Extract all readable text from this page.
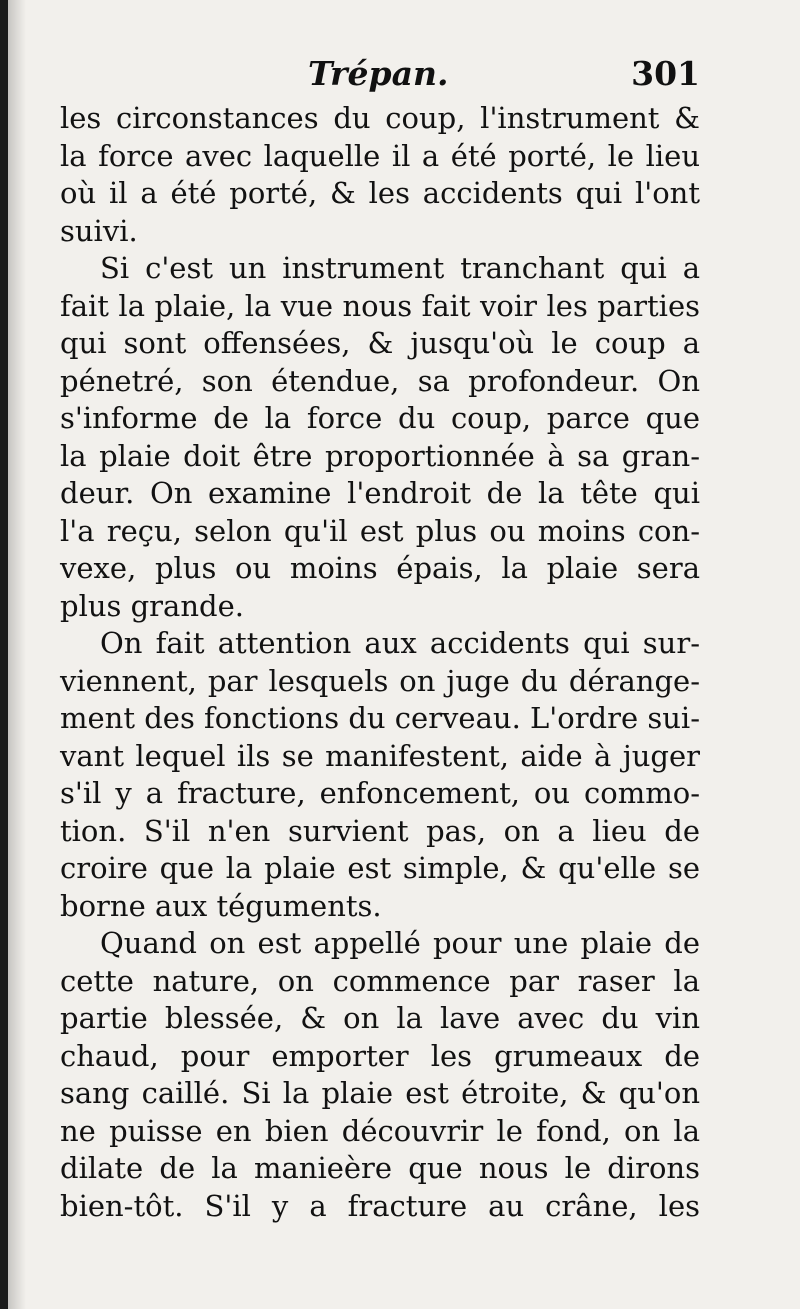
Trépan.	301
les circonstances du coup, l'instrument &
la force avec laquelle il a été porté, le lieu
où il a été porté, & les accidents qui l'ont
suivi.
Si c'est un instrument tranchant qui a
fait la plaie, la vue nous fait voir les parties
qui sont offensées, & jusqu'où le coup a
pénetré, son étendue, sa profondeur. On
s'informe de la force du coup, parce que
la plaie doit être proportionnée à sa gran-
deur. On examine l'endroit de la tête qui
l'a reçu, selon qu'il est plus ou moins con-
vexe, plus ou moins épais, la plaie sera
plus grande.
On fait attention aux accidents qui sur-
viennent, par lesquels on juge du dérange-
ment des fonctions du cerveau. L'ordre sui-
vant lequel ils se manifestent, aide à juger
s'il y a fracture, enfoncement, ou commo-
tion. S'il n'en survient pas, on a lieu de
croire que la plaie est simple, & qu'elle se
borne aux téguments.
Quand on est appellé pour une plaie de
cette nature, on commence par raser la
partie blessée, & on la lave avec du vin
chaud, pour emporter les grumeaux de
sang caillé. Si la plaie est étroite, & qu'on
ne puisse en bien découvrir le fond, on la
dilate de la manieère que nous le dirons
bien-tôt. S'il y a fracture au crâne, les
